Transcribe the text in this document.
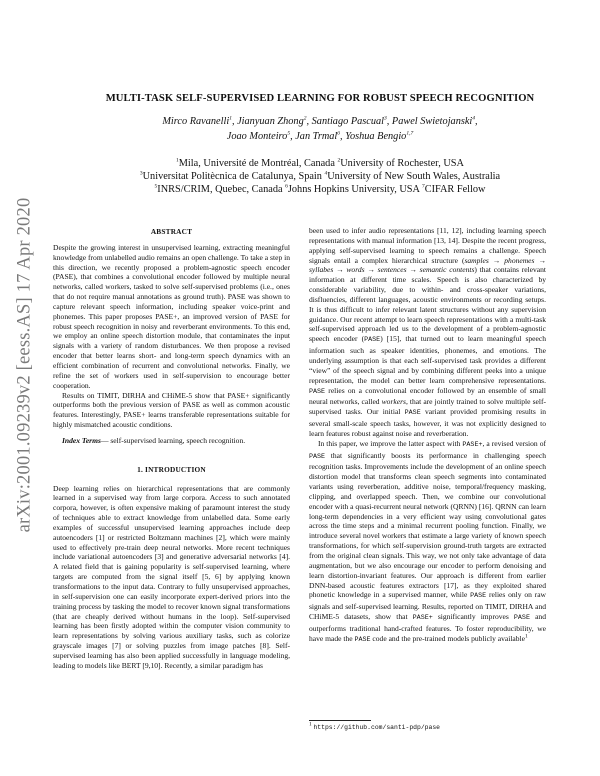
arXiv:2001.09239v2 [eess.AS] 17 Apr 2020
MULTI-TASK SELF-SUPERVISED LEARNING FOR ROBUST SPEECH RECOGNITION
Mirco Ravanelli$^1$, Jianyuan Zhong$^2$, Santiago Pascual$^3$, Pawel Swietojanski$^4$,
Joao Monteiro$^5$, Jan Trmal$^6$, Yoshua Bengio$^{1,7}$
$^1$Mila, Université de Montréal, Canada $^2$University of Rochester, USA
$^3$Universitat Politècnica de Catalunya, Spain $^4$University of New South Wales, Australia
$^5$INRS/CRIM, Quebec, Canada $^6$Johns Hopkins University, USA $^7$CIFAR Fellow
ABSTRACT

Despite the growing interest in unsupervised learning, extracting meaningful knowledge from unlabelled audio remains an open challenge. To take a step in this direction, we recently proposed a problem-agnostic speech encoder (PASE), that combines a convolutional encoder followed by multiple neural networks, called workers, tasked to solve self-supervised problems (i.e., ones that do not require manual annotations as ground truth). PASE was shown to capture relevant speech information, including speaker voice-print and phonemes. This paper proposes PASE+, an improved version of PASE for robust speech recognition in noisy and reverberant environments. To this end, we employ an online speech distortion module, that contaminates the input signals with a variety of random disturbances. We then propose a revised encoder that better learns short- and long-term speech dynamics with an efficient combination of recurrent and convolutional networks. Finally, we refine the set of workers used in self-supervision to encourage better cooperation.

Results on TIMIT, DIRHA and CHiME-5 show that PASE+ significantly outperforms both the previous version of PASE as well as common acoustic features. Interestingly, PASE+ learns transferable representations suitable for highly mismatched acoustic conditions.

Index Terms— self-supervised learning, speech recognition.

1. INTRODUCTION

Deep learning relies on hierarchical representations that are commonly learned in a supervised way from large corpora. Access to such annotated corpora, however, is often expensive making of paramount interest the study of techniques able to extract knowledge from unlabelled data. Some early examples of successful unsupervised learning approaches include deep autoencoders [1] or restricted Boltzmann machines [2], which were mainly used to effectively pre-train deep neural networks. More recent techniques include variational autoencoders [3] and generative adversarial networks [4]. A related field that is gaining popularity is self-supervised learning, where targets are computed from the signal itself [5, 6] by applying known transformations to the input data. Contrary to fully unsupervised approaches, in self-supervision one can easily incorporate expert-derived priors into the training process by tasking the model to recover known signal transformations (that are cheaply derived without humans in the loop). Self-supervised learning has been firstly adopted within the computer vision community to learn representations by solving various auxiliary tasks, such as colorize grayscale images [7] or solving puzzles from image patches [8]. Self-supervised learning has also been applied successfully in language modeling, leading to models like BERT [9,10]. Recently, a similar paradigm has

been used to infer audio representations [11, 12], including learning speech representations with manual information [13, 14]. Despite the recent progress, applying self-supervised learning to speech remains a challenge. Speech signals entail a complex hierarchical structure (samples → phonemes → syllabes → words → sentences → semantic contents) that contains relevant information at different time scales. Speech is also characterized by considerable variability, due to within- and cross-speaker variations, disfluencies, different languages, acoustic environments or recording setups. It is thus difficult to infer relevant latent structures without any supervision guidance. Our recent attempt to learn speech representations with a multi-task self-supervised approach led us to the development of a problem-agnostic speech encoder (PASE) [15], that turned out to learn meaningful speech information such as speaker identities, phonemes, and emotions. The underlying assumption is that each self-supervised task provides a different “view” of the speech signal and by combining different peeks into a unique representation, the model can better learn comprehensive representations. PASE relies on a convolutional encoder followed by an ensemble of small neural networks, called workers, that are jointly trained to solve multiple self-supervised tasks. Our initial PASE variant provided promising results in several small-scale speech tasks, however, it was not explicitly designed to learn features robust against noise and reverberation.

In this paper, we improve the latter aspect with PASE+, a revised version of PASE that significantly boosts its performance in challenging speech recognition tasks. Improvements include the development of an online speech distortion model that transforms clean speech segments into contaminated variants using reverberation, additive noise, temporal/frequency masking, clipping, and overlapped speech. Then, we combine our convolutional encoder with a quasi-recurrent neural network (QRNN) [16]. QRNN can learn long-term dependencies in a very efficient way using convolutional gates across the time steps and a minimal recurrent pooling function. Finally, we introduce several novel workers that estimate a large variety of known speech transformations, for which self-supervision ground-truth targets are extracted from the original clean signals. This way, we not only take advantage of data augmentation, but we also encourage our encoder to perform denoising and learn distortion-invariant features. Our approach is different from earlier DNN-based acoustic features extractors [17], as they exploited shared phonetic knowledge in a supervised manner, while PASE relies only on raw signals and self-supervised learning. Results, reported on TIMIT, DIRHA and CHiME-5 datasets, show that PASE+ significantly improves PASE and outperforms traditional hand-crafted features. To foster reproducibility, we have made the PASE code and the pre-trained models publicly available$^1$

$^1$ https://github.com/santi-pdp/pase
